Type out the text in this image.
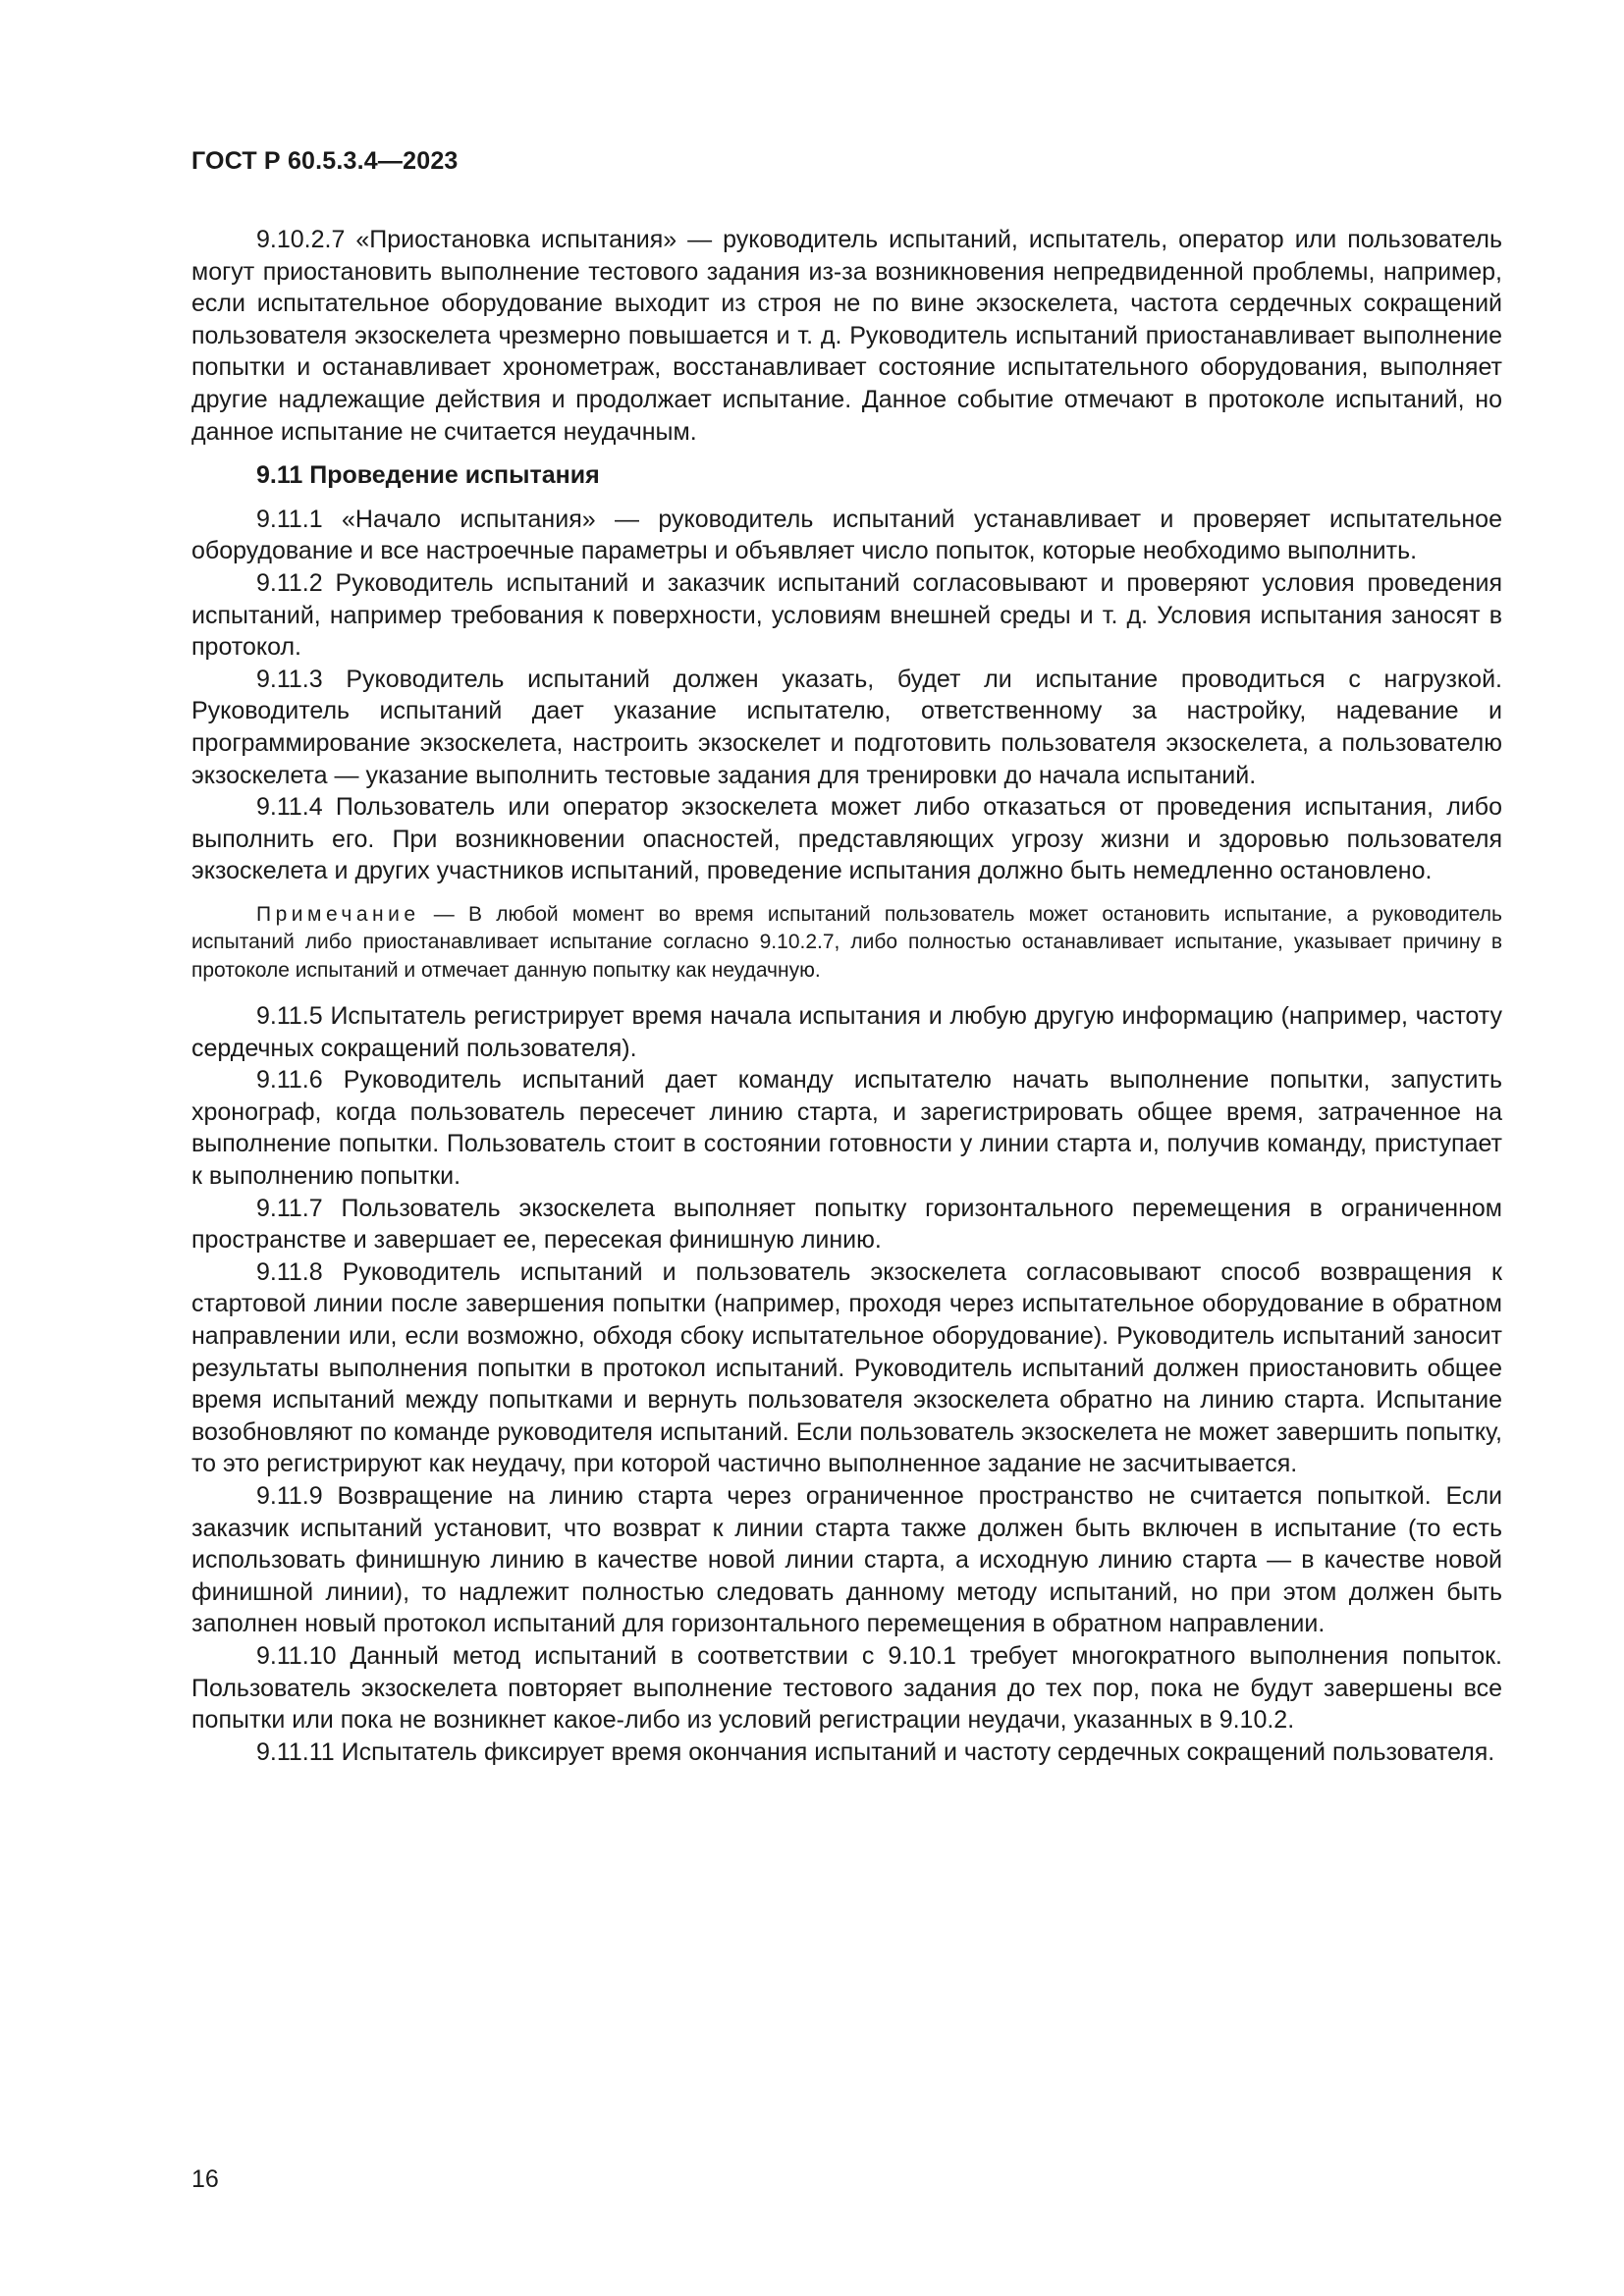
ГОСТ Р 60.5.3.4—2023

9.10.2.7 «Приостановка испытания» — руководитель испытаний, испытатель, оператор или пользователь могут приостановить выполнение тестового задания из-за возникновения непредвиденной проблемы, например, если испытательное оборудование выходит из строя не по вине экзоскелета, частота сердечных сокращений пользователя экзоскелета чрезмерно повышается и т. д. Руководитель испытаний приостанавливает выполнение попытки и останавливает хронометраж, восстанавливает состояние испытательного оборудования, выполняет другие надлежащие действия и продолжает испытание. Данное событие отмечают в протоколе испытаний, но данное испытание не считается неудачным.

9.11 Проведение испытания

9.11.1 «Начало испытания» — руководитель испытаний устанавливает и проверяет испытательное оборудование и все настроечные параметры и объявляет число попыток, которые необходимо выполнить.

9.11.2 Руководитель испытаний и заказчик испытаний согласовывают и проверяют условия проведения испытаний, например требования к поверхности, условиям внешней среды и т. д. Условия испытания заносят в протокол.

9.11.3 Руководитель испытаний должен указать, будет ли испытание проводиться с нагрузкой. Руководитель испытаний дает указание испытателю, ответственному за настройку, надевание и программирование экзоскелета, настроить экзоскелет и подготовить пользователя экзоскелета, а пользователю экзоскелета — указание выполнить тестовые задания для тренировки до начала испытаний.

9.11.4 Пользователь или оператор экзоскелета может либо отказаться от проведения испытания, либо выполнить его. При возникновении опасностей, представляющих угрозу жизни и здоровью пользователя экзоскелета и других участников испытаний, проведение испытания должно быть немедленно остановлено.

Примечание — В любой момент во время испытаний пользователь может остановить испытание, а руководитель испытаний либо приостанавливает испытание согласно 9.10.2.7, либо полностью останавливает испытание, указывает причину в протоколе испытаний и отмечает данную попытку как неудачную.

9.11.5 Испытатель регистрирует время начала испытания и любую другую информацию (например, частоту сердечных сокращений пользователя).

9.11.6 Руководитель испытаний дает команду испытателю начать выполнение попытки, запустить хронограф, когда пользователь пересечет линию старта, и зарегистрировать общее время, затраченное на выполнение попытки. Пользователь стоит в состоянии готовности у линии старта и, получив команду, приступает к выполнению попытки.

9.11.7 Пользователь экзоскелета выполняет попытку горизонтального перемещения в ограниченном пространстве и завершает ее, пересекая финишную линию.

9.11.8 Руководитель испытаний и пользователь экзоскелета согласовывают способ возвращения к стартовой линии после завершения попытки (например, проходя через испытательное оборудование в обратном направлении или, если возможно, обходя сбоку испытательное оборудование). Руководитель испытаний заносит результаты выполнения попытки в протокол испытаний. Руководитель испытаний должен приостановить общее время испытаний между попытками и вернуть пользователя экзоскелета обратно на линию старта. Испытание возобновляют по команде руководителя испытаний. Если пользователь экзоскелета не может завершить попытку, то это регистрируют как неудачу, при которой частично выполненное задание не засчитывается.

9.11.9 Возвращение на линию старта через ограниченное пространство не считается попыткой. Если заказчик испытаний установит, что возврат к линии старта также должен быть включен в испытание (то есть использовать финишную линию в качестве новой линии старта, а исходную линию старта — в качестве новой финишной линии), то надлежит полностью следовать данному методу испытаний, но при этом должен быть заполнен новый протокол испытаний для горизонтального перемещения в обратном направлении.

9.11.10 Данный метод испытаний в соответствии с 9.10.1 требует многократного выполнения попыток. Пользователь экзоскелета повторяет выполнение тестового задания до тех пор, пока не будут завершены все попытки или пока не возникнет какое-либо из условий регистрации неудачи, указанных в 9.10.2.

9.11.11 Испытатель фиксирует время окончания испытаний и частоту сердечных сокращений пользователя.

16
